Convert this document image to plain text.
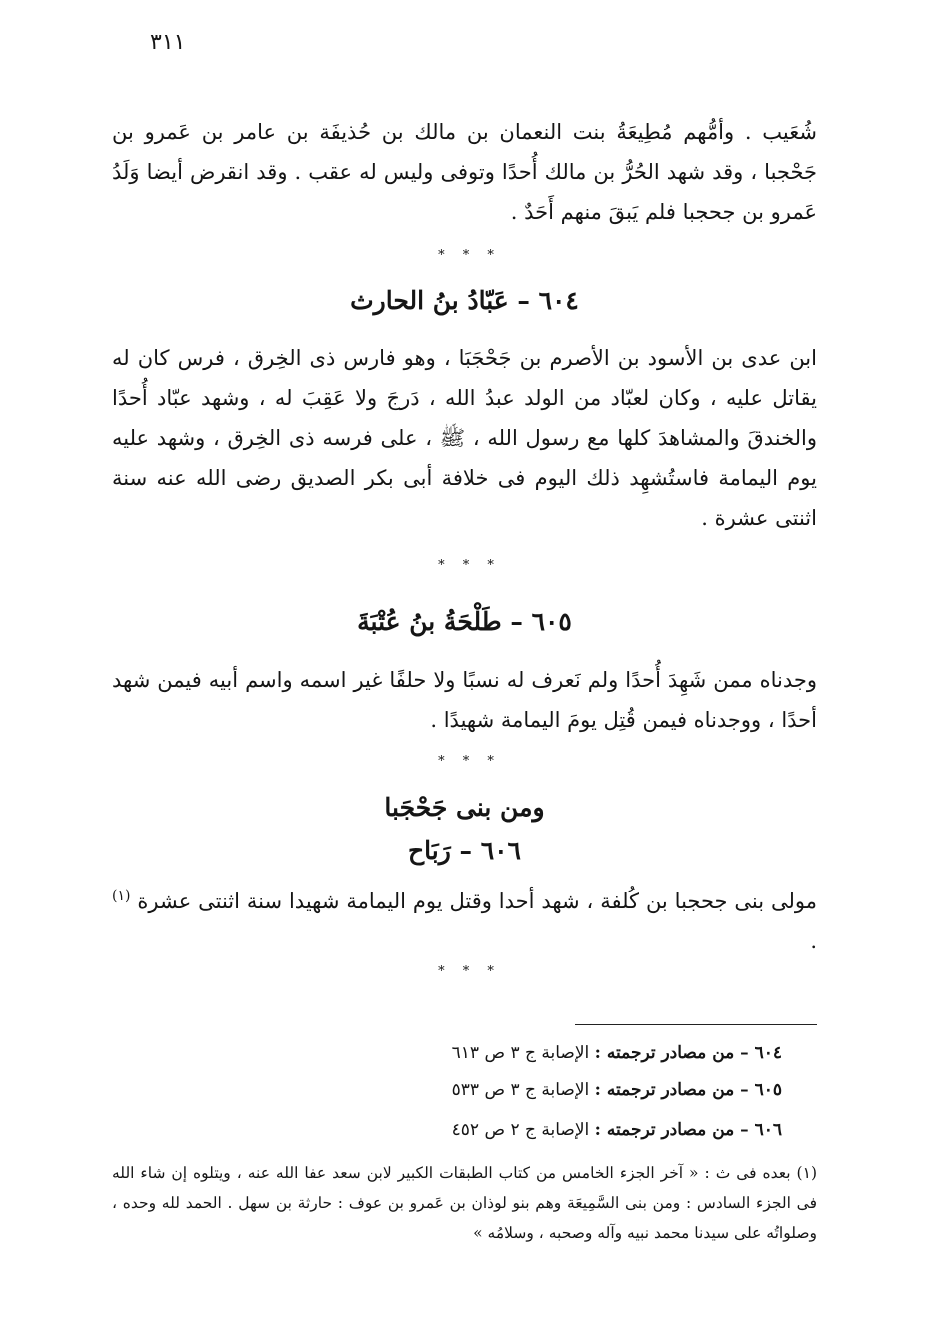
٣١١

شُعَيب . وأمُّهم مُطِيعَةُ بنت النعمان بن مالك بن حُذيفَة بن عامر بن عَمرو بن جَحْجبا ، وقد شهد الحُرُّ بن مالك أُحدًا وتوفى وليس له عقب . وقد انقرض أيضا وَلَدُ عَمرو بن جحجبا فلم يَبقَ منهم أَحَدٌ .

* * *
٦٠٤ – عَبّادُ بنُ الحارث

ابن عدى بن الأسود بن الأصرم بن جَحْجَبَا ، وهو فارس ذى الخِرق ، فرس كان له يقاتل عليه ، وكان لعبّاد من الولد عبدُ الله ، دَرجَ ولا عَقِبَ له ، وشهد عبّاد أُحدًا والخندقَ والمشاهدَ كلها مع رسول الله ، ﷺ ، على فرسه ذى الخِرق ، وشهد عليه يوم اليمامة فاستُشهِد ذلك اليوم فى خلافة أبى بكر الصديق رضى الله عنه سنة اثنتى عشرة .

* * *
٦٠٥ – طَلْحَةُ بنُ عُتْبَةَ

وجدناه ممن شَهِدَ أُحدًا ولم نَعرف له نسبًا ولا حلفًا غير اسمه واسم أبيه فيمن شهد أحدًا ، ووجدناه فيمن قُتِل يومَ اليمامة شهيدًا .

* * *
ومن بنى جَحْجَبا
٦٠٦ – رَبَاح

مولى بنى جحجبا بن كُلفة ، شهد أحدا وقتل يوم اليمامة شهيدا سنة اثنتى عشرة $^{(١)}$ .

* * *
٦٠٤ – من مصادر ترجمته : الإصابة ج ٣ ص ٦١٣
٦٠٥ – من مصادر ترجمته : الإصابة ج ٣ ص ٥٣٣
٦٠٦ – من مصادر ترجمته : الإصابة ج ٢ ص ٤٥٢

(١) بعده فى ث : « آخر الجزء الخامس من كتاب الطبقات الكبير لابن سعد عفا الله عنه ، ويتلوه إن شاء الله فى الجزء السادس : ومن بنى السَّمِيعَة وهم بنو لوذان بن عَمرو بن عوف : حارثة بن سهل . الحمد لله وحده ، وصلواتُه على سيدنا محمد نبيه وآله وصحبه ، وسلامُه »
